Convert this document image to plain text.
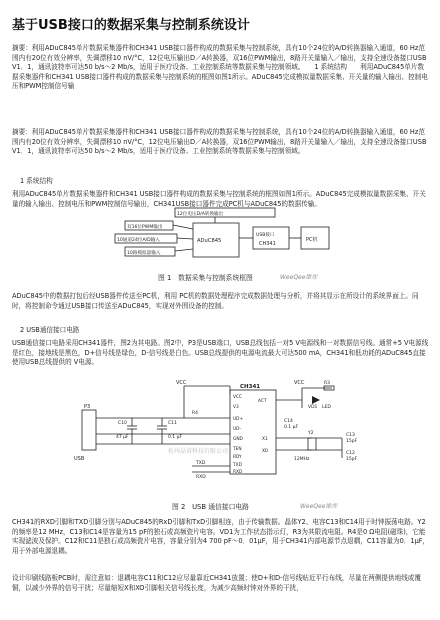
基于USB接口的数据采集与控制系统设计
摘要：利用ADuC845单片数据采集器件和CH341 USB接口器件构成的数据采集与控制系统，具有10个24位的A/D转换器输入通道，60 Hz范围内有20位有效分辨率，失调漂移10 nV/°C，12位电压输出D／A转换器，双16位PWM输出，8路开关量输入／输出，支持全速设备接口USB V1．1，通讯波特率可达50 b/s～2 Mb/s，适用于医疗设备、工业控制系统等数据采集与控制领域。　　1 系统结构　　利用ADuC845单片数据采集器件和CH341 USB接口器件构成的数据采集与控制系统的框图如图1所示。ADuC845完成模拟量数据采集、开关量的输入输出、控制电压和PWM控制信号输
摘要：利用ADuC845单片数据采集器件和CH341 USB接口器件构成的数据采集与控制系统，具有10个24位的A/D转换器输入通道，60 Hz范围内有20位有效分辨率，失调漂移10 nV/°C，12位电压输出D／A转换器，双16位PWM输出，8路开关量输入／输出，支持全速设备接口USB V1．1，通讯波特率可达50 b/s～2 Mb/s，适用于医疗设备、工业控制系统等数据采集与控制领域。
1 系统结构
利用ADuC845单片数据采集器件和CH341 USB接口器件构成的数据采集与控制系统的框图如图1所示。ADuC845完成模拟量数据采集、开关量的输入输出、控制电压和PWM控制信号输出，CH341USB接口器件完成PC机与ADuC845的数据传输。
12位电压D/A转换输出
双16位PWM输出
10通道24位A/D输入
10路模拟量输入
ADuC845
USB接口
CH341
PC机
图 1　数据采集与控制系统框图	WeeQee维库
ADuC845中的数据打包后经USB器件传送至PC机，利用 PC机的数据处理程序完成数据处理与分析，并将其显示在所设计的系统界面上。同时，将控制命令通过USB接口传送至ADuC845，实现对外围设备的控制。
2 USB通信接口电路
USB通信接口电路采用CH341器件，图2为其电路。图2中，P3是USB端口，USB总线包括一对5 V电源线和一对数据信号线。通常+5 V电源线是红色，接地线是黑色，D+信号线是绿色，D-信号线是白色。USB总线提供的电源电流最大可达500 mA，CH341和低功耗的ADuC845直接使用USB总线提供的 V电源。
CH341
VCC	VCC
P3
USB
C10
47 μF
C11
0.1 μF
Y2
12MHz
C13
15pF
C12
15pF
C14
0.1 μF
R3
LED
VD1
R4
TXD
RXD
VCC
V3
UD+
UD-
GND
TEN
RDY
TXD
RXD
X1
XO
ACT
杭州晶睿科技有限公司
图 2　USB 通信接口电路	WeeQee维库
CH341的RXD引脚和TXD引脚分别与ADuC845的RxD引脚和TxD引脚相连，由于传输数据。晶体Y2、电容C13和C14用于时钟振荡电路。Y2的频率是12 MHz，C13和C14是容量为15 pF的独石或高频瓷片电容。VD1为工作状态指示灯，R3为其限流电阻。R4是0 Ω电阻(磁珠)，它能实现滤波及保护。C12和C11是独石或高频瓷片电容，容量分别为4 700 pF～0．01μF，用于CH341内部电源节点退耦，C11容量为0．1μF，用于外部电源退耦。
设计印刷线路板PCB时，需注意如：退耦电容C11和C12应尽量靠近CH341放置；使D+和D-信号线贴近平行布线，尽量在两侧提供地线或覆铜，以减少外界的信号干扰；尽量缩短X和XO引脚相关信号线长度，为减少高频时钟对外界的干扰，
